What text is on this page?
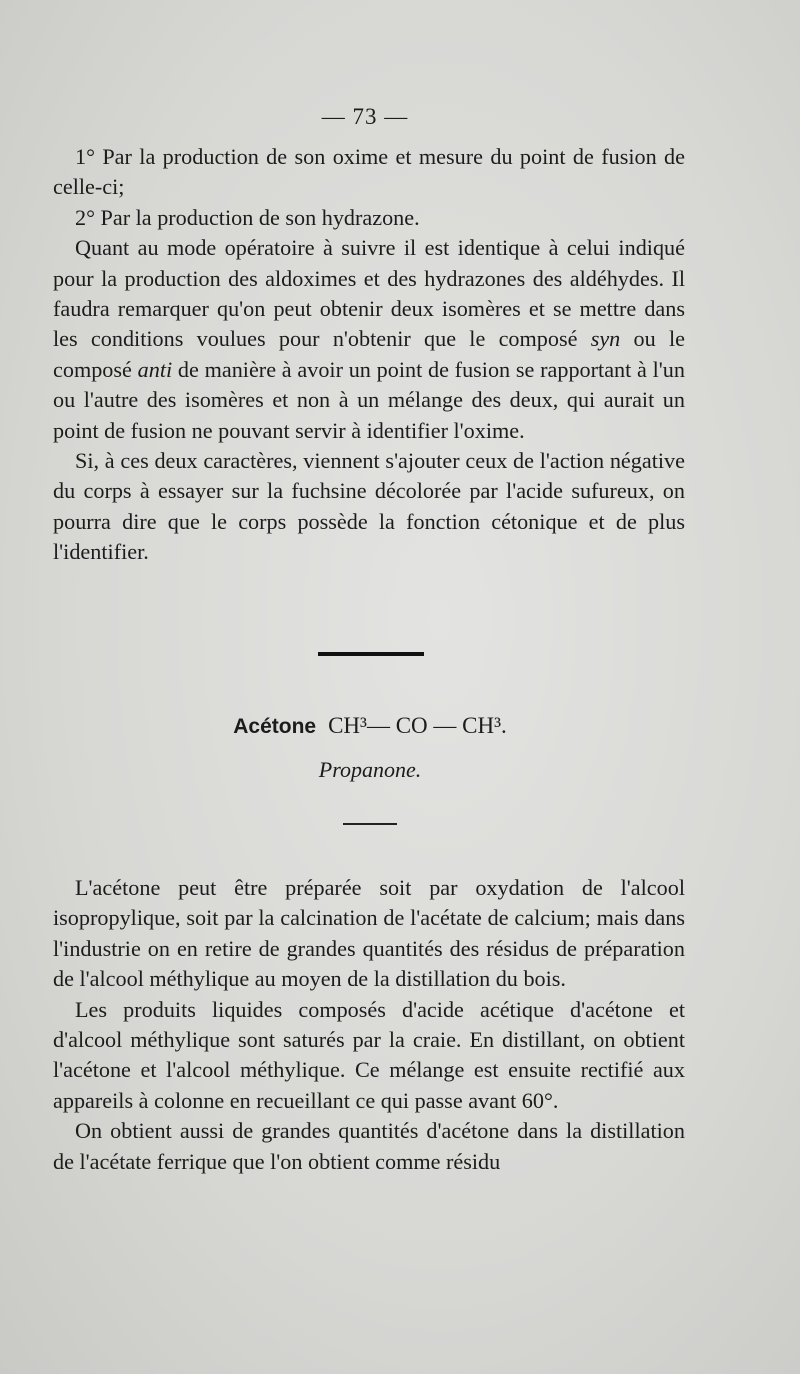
— 73 —

1° Par la production de son oxime et mesure du point de fusion de celle-ci;

2° Par la production de son hydrazone.

Quant au mode opératoire à suivre il est identique à celui indiqué pour la production des aldoximes et des hydrazones des aldéhydes. Il faudra remarquer qu'on peut obtenir deux isomères et se mettre dans les conditions voulues pour n'obtenir que le composé syn ou le composé anti de manière à avoir un point de fusion se rapportant à l'un ou l'autre des isomères et non à un mélange des deux, qui aurait un point de fusion ne pouvant servir à identifier l'oxime.

Si, à ces deux caractères, viennent s'ajouter ceux de l'action négative du corps à essayer sur la fuchsine décolorée par l'acide sufureux, on pourra dire que le corps possède la fonction cétonique et de plus l'identifier.

Acétone CH³— CO — CH³.
Propanone.

L'acétone peut être préparée soit par oxydation de l'alcool isopropylique, soit par la calcination de l'acétate de calcium; mais dans l'industrie on en retire de grandes quantités des résidus de préparation de l'alcool méthylique au moyen de la distillation du bois.

Les produits liquides composés d'acide acétique d'acétone et d'alcool méthylique sont saturés par la craie. En distillant, on obtient l'acétone et l'alcool méthylique. Ce mélange est ensuite rectifié aux appareils à colonne en recueillant ce qui passe avant 60°.

On obtient aussi de grandes quantités d'acétone dans la distillation de l'acétate ferrique que l'on obtient comme résidu
